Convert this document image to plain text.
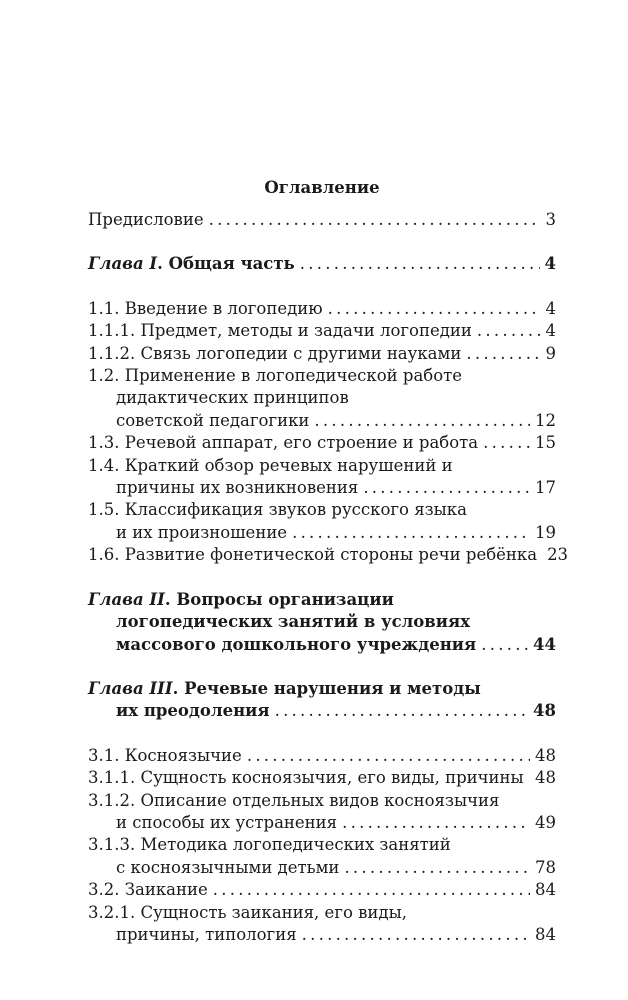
Оглавление
Предисловие . . .	3
Глава I. Общая часть . . .	4
1.1. Введение в логопедию . . .	4
1.1.1. Предмет, методы и задачи логопедии . . .	4
1.1.2. Связь логопедии с другими науками . . .	9
1.2. Применение в логопедической работе
дидактических принципов
советской педагогики . . .	12
1.3. Речевой аппарат, его строение и работа . . .	15
1.4. Краткий обзор речевых нарушений и
причины их возникновения . . .	17
1.5. Классификация звуков русского языка
и их произношение . . .	19
1.6. Развитие фонетической стороны речи ребёнка 23
Глава II. Вопросы организации
логопедических занятий в условиях
массового дошкольного учреждения . . .	44
Глава III. Речевые нарушения и методы
их преодоления . . .	48
3.1. Косноязычие . . .	48
3.1.1. Сущность косноязычия, его виды, причины . . . 48
3.1.2. Описание отдельных видов косноязычия
и способы их устранения . . .	49
3.1.3. Методика логопедических занятий
с косноязычными детьми . . .	78
3.2. Заикание . . .	84
3.2.1. Сущность заикания, его виды,
причины, типология . . .	84
